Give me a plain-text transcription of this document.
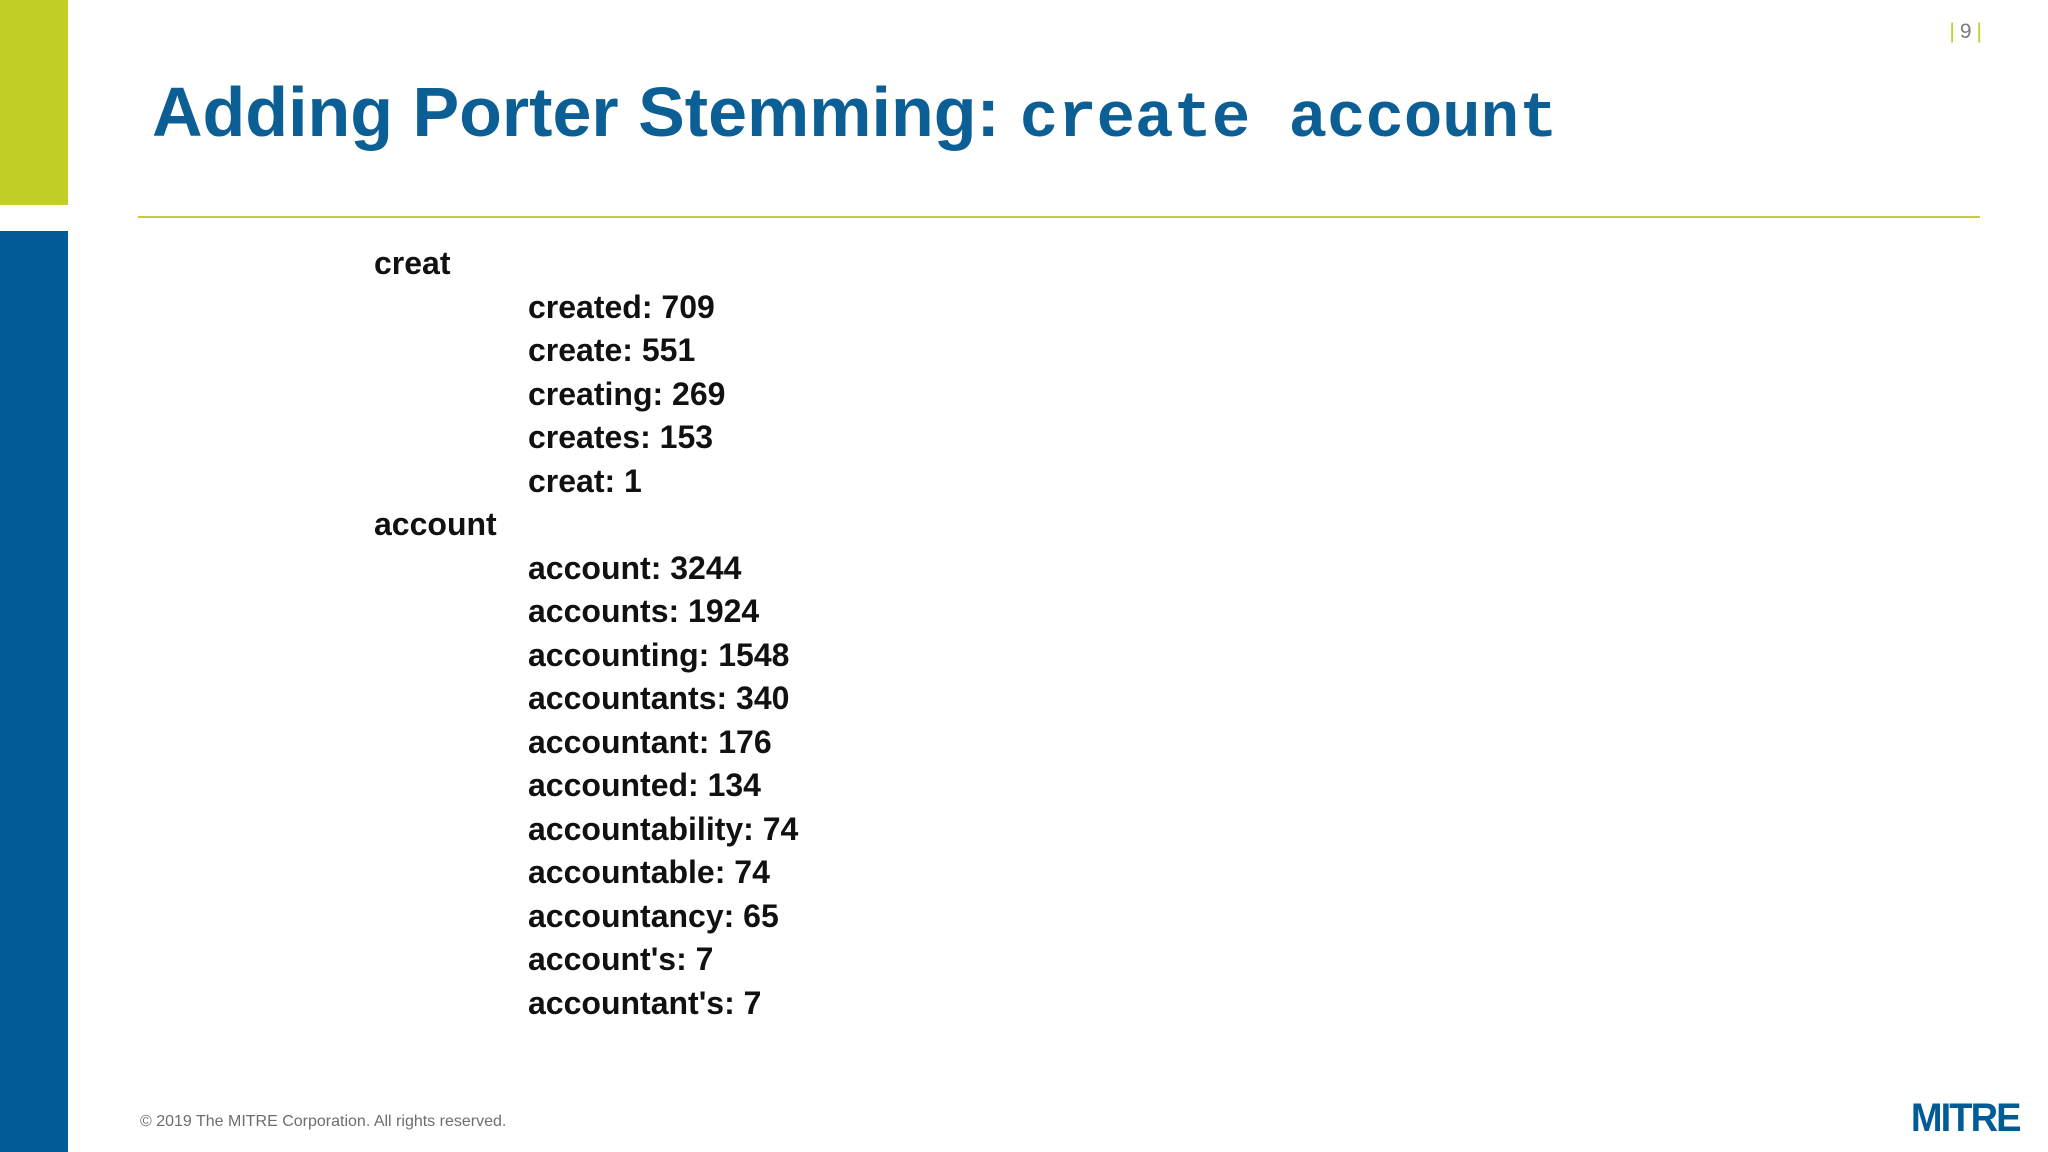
| 9 |
Adding Porter Stemming: create account
creat
created: 709
create: 551
creating: 269
creates: 153
creat: 1
account
account: 3244
accounts: 1924
accounting: 1548
accountants: 340
accountant: 176
accounted: 134
accountability: 74
accountable: 74
accountancy: 65
account's: 7
accountant's: 7
© 2019 The MITRE Corporation. All rights reserved.	MITRE
